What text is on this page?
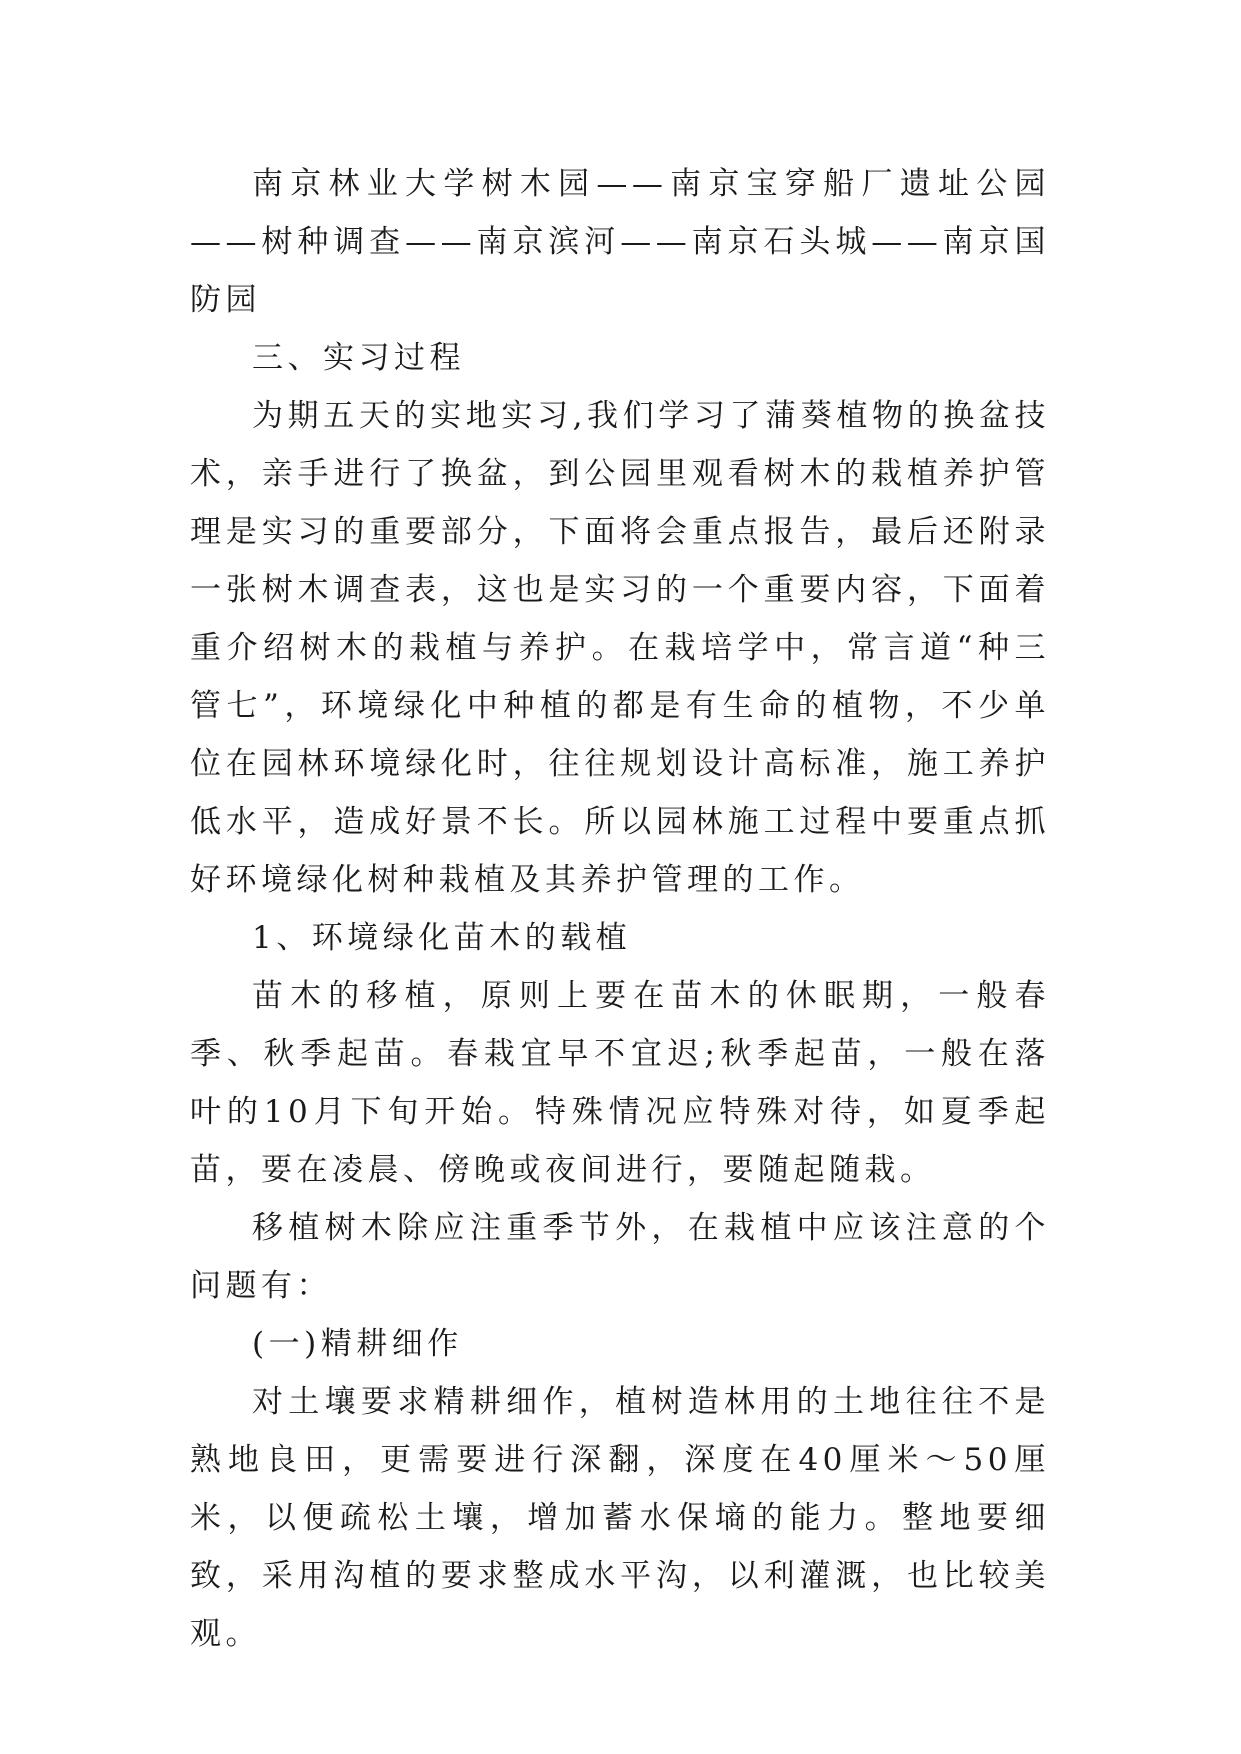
南京林业大学树木园——南京宝穿船厂遗址公园——树种调查——南京滨河——南京石头城——南京国防园

三、实习过程

为期五天的实地实习,我们学习了蒲葵植物的换盆技术，亲手进行了换盆，到公园里观看树木的栽植养护管理是实习的重要部分，下面将会重点报告，最后还附录一张树木调查表，这也是实习的一个重要内容，下面着重介绍树木的栽植与养护。在栽培学中，常言道“种三管七”，环境绿化中种植的都是有生命的植物，不少单位在园林环境绿化时，往往规划设计高标准，施工养护低水平，造成好景不长。所以园林施工过程中要重点抓好环境绿化树种栽植及其养护管理的工作。

1、环境绿化苗木的载植

苗木的移植，原则上要在苗木的休眠期，一般春季、秋季起苗。春栽宜早不宜迟;秋季起苗，一般在落叶的10月下旬开始。特殊情况应特殊对待，如夏季起苗，要在凌晨、傍晚或夜间进行，要随起随栽。

移植树木除应注重季节外，在栽植中应该注意的个问题有：

(一)精耕细作

对土壤要求精耕细作，植树造林用的土地往往不是熟地良田，更需要进行深翻，深度在40厘米～50厘米，以便疏松土壤，增加蓄水保墒的能力。整地要细致，采用沟植的要求整成水平沟，以利灌溉，也比较美观。
